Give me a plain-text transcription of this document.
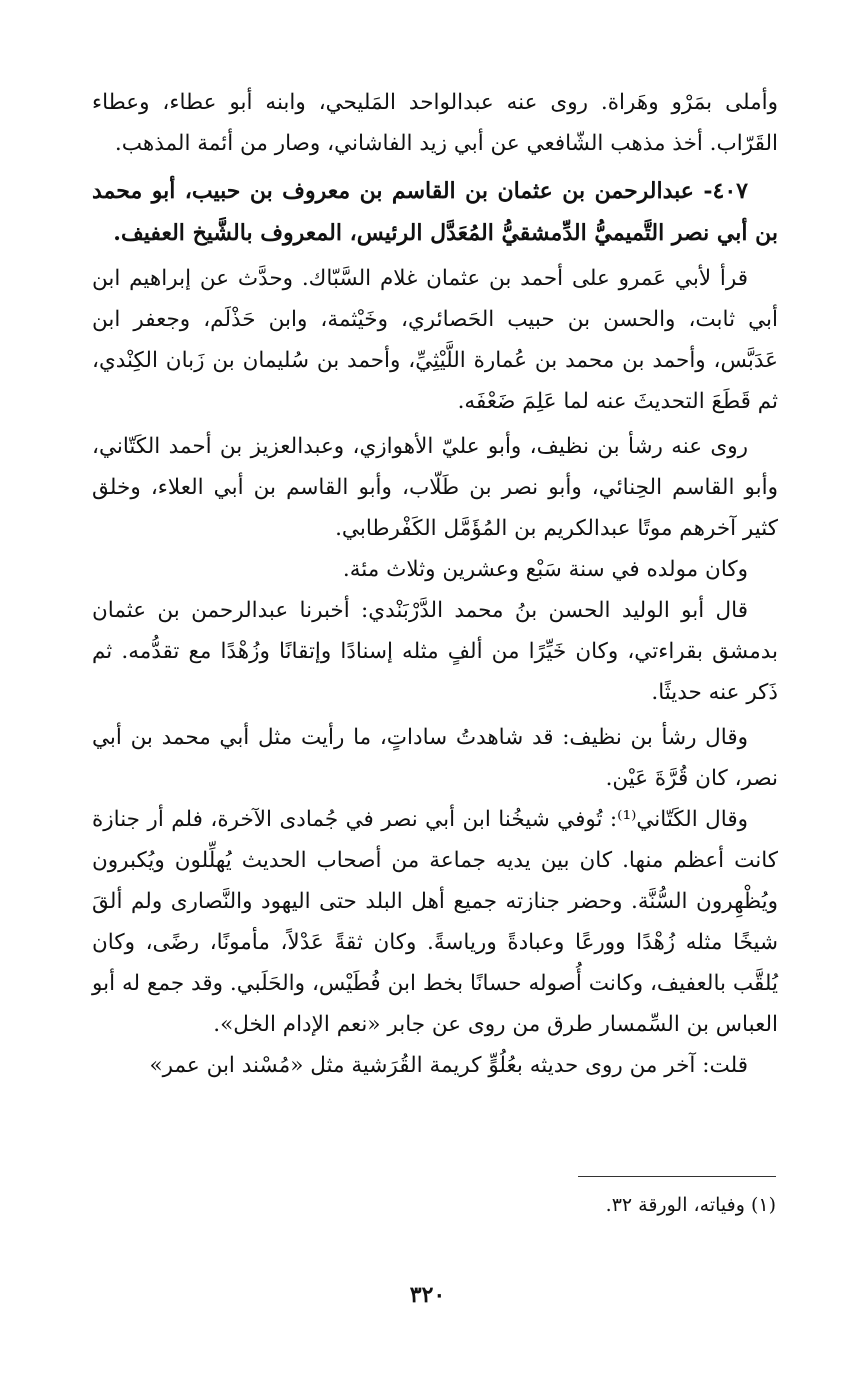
وأملى بمَرْو وهَراة. روى عنه عبدالواحد المَليحي، وابنه أبو عطاء، وعطاء القَرّاب. أخذ مذهب الشّافعي عن أبي زيد الفاشاني، وصار من أئمة المذهب.

٤٠٧- عبدالرحمن بن عثمان بن القاسم بن معروف بن حبيب، أبو محمد بن أبي نصر التَّميميُّ الدِّمشقيُّ المُعَدَّل الرئيس، المعروف بالشَّيخ العفيف.

قرأ لأبي عَمرو على أحمد بن عثمان غلام السَّبّاك. وحدَّث عن إبراهيم ابن أبي ثابت، والحسن بن حبيب الحَصائري، وخَيْثمة، وابن حَذْلَم، وجعفر ابن عَدَبَّس، وأحمد بن محمد بن عُمارة اللَّيْثِيِّ، وأحمد بن سُليمان بن زَبان الكِنْدي، ثم قَطَعَ التحديثَ عنه لما عَلِمَ ضَعْفَه.

روى عنه رشأ بن نظيف، وأبو عليّ الأهوازي، وعبدالعزيز بن أحمد الكَتّاني، وأبو القاسم الحِنائي، وأبو نصر بن طَلّاب، وأبو القاسم بن أبي العلاء، وخلق كثير آخرهم موتًا عبدالكريم بن المُؤَمَّل الكَفْرطابي.

وكان مولده في سنة سَبْع وعشرين وثلاث مئة.

قال أبو الوليد الحسن بنُ محمد الدَّرْبَنْدي: أخبرنا عبدالرحمن بن عثمان بدمشق بقراءتي، وكان خَيِّرًا من ألفٍ مثله إسنادًا وإتقانًا وزُهْدًا مع تقدُّمه. ثم ذَكر عنه حديثًا.

وقال رشأ بن نظيف: قد شاهدتُ ساداتٍ، ما رأيت مثل أبي محمد بن أبي نصر، كان قُرَّةَ عَيْن.

وقال الكَتّاني⁽¹⁾: تُوفي شيخُنا ابن أبي نصر في جُمادى الآخرة، فلم أر جنازة كانت أعظم منها. كان بين يديه جماعة من أصحاب الحديث يُهلِّلون ويُكبرون ويُظْهِرون السُّنَّة. وحضر جنازته جميع أهل البلد حتى اليهود والنَّصارى ولم ألقَ شيخًا مثله زُهْدًا وورعًا وعبادةً ورياسةً. وكان ثقةً عَدْلاً، مأمونًا، رضًى، وكان يُلقَّب بالعفيف، وكانت أُصوله حسانًا بخط ابن فُطَيْس، والحَلَبي. وقد جمع له أبو العباس بن السِّمسار طرق من روى عن جابر «نعم الإدام الخل».

قلت: آخر من روى حديثه بعُلُوٍّ كريمة القُرَشية مثل «مُسْند ابن عمر»

(١) وفياته، الورقة ٣٢.
٣٢٠
